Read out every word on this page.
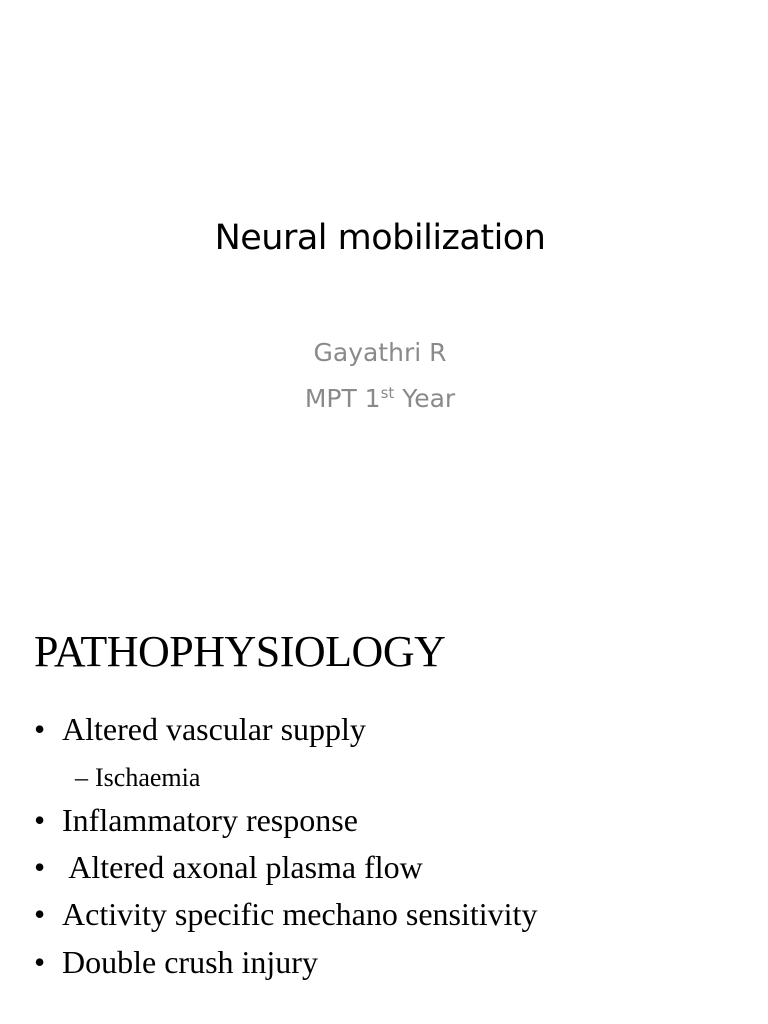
Neural mobilization
Gayathri R
MPT 1st Year
PATHOPHYSIOLOGY
• Altered vascular supply
– Ischaemia
• Inflammatory response
• Altered axonal plasma flow
• Activity specific mechano sensitivity
• Double crush injury
